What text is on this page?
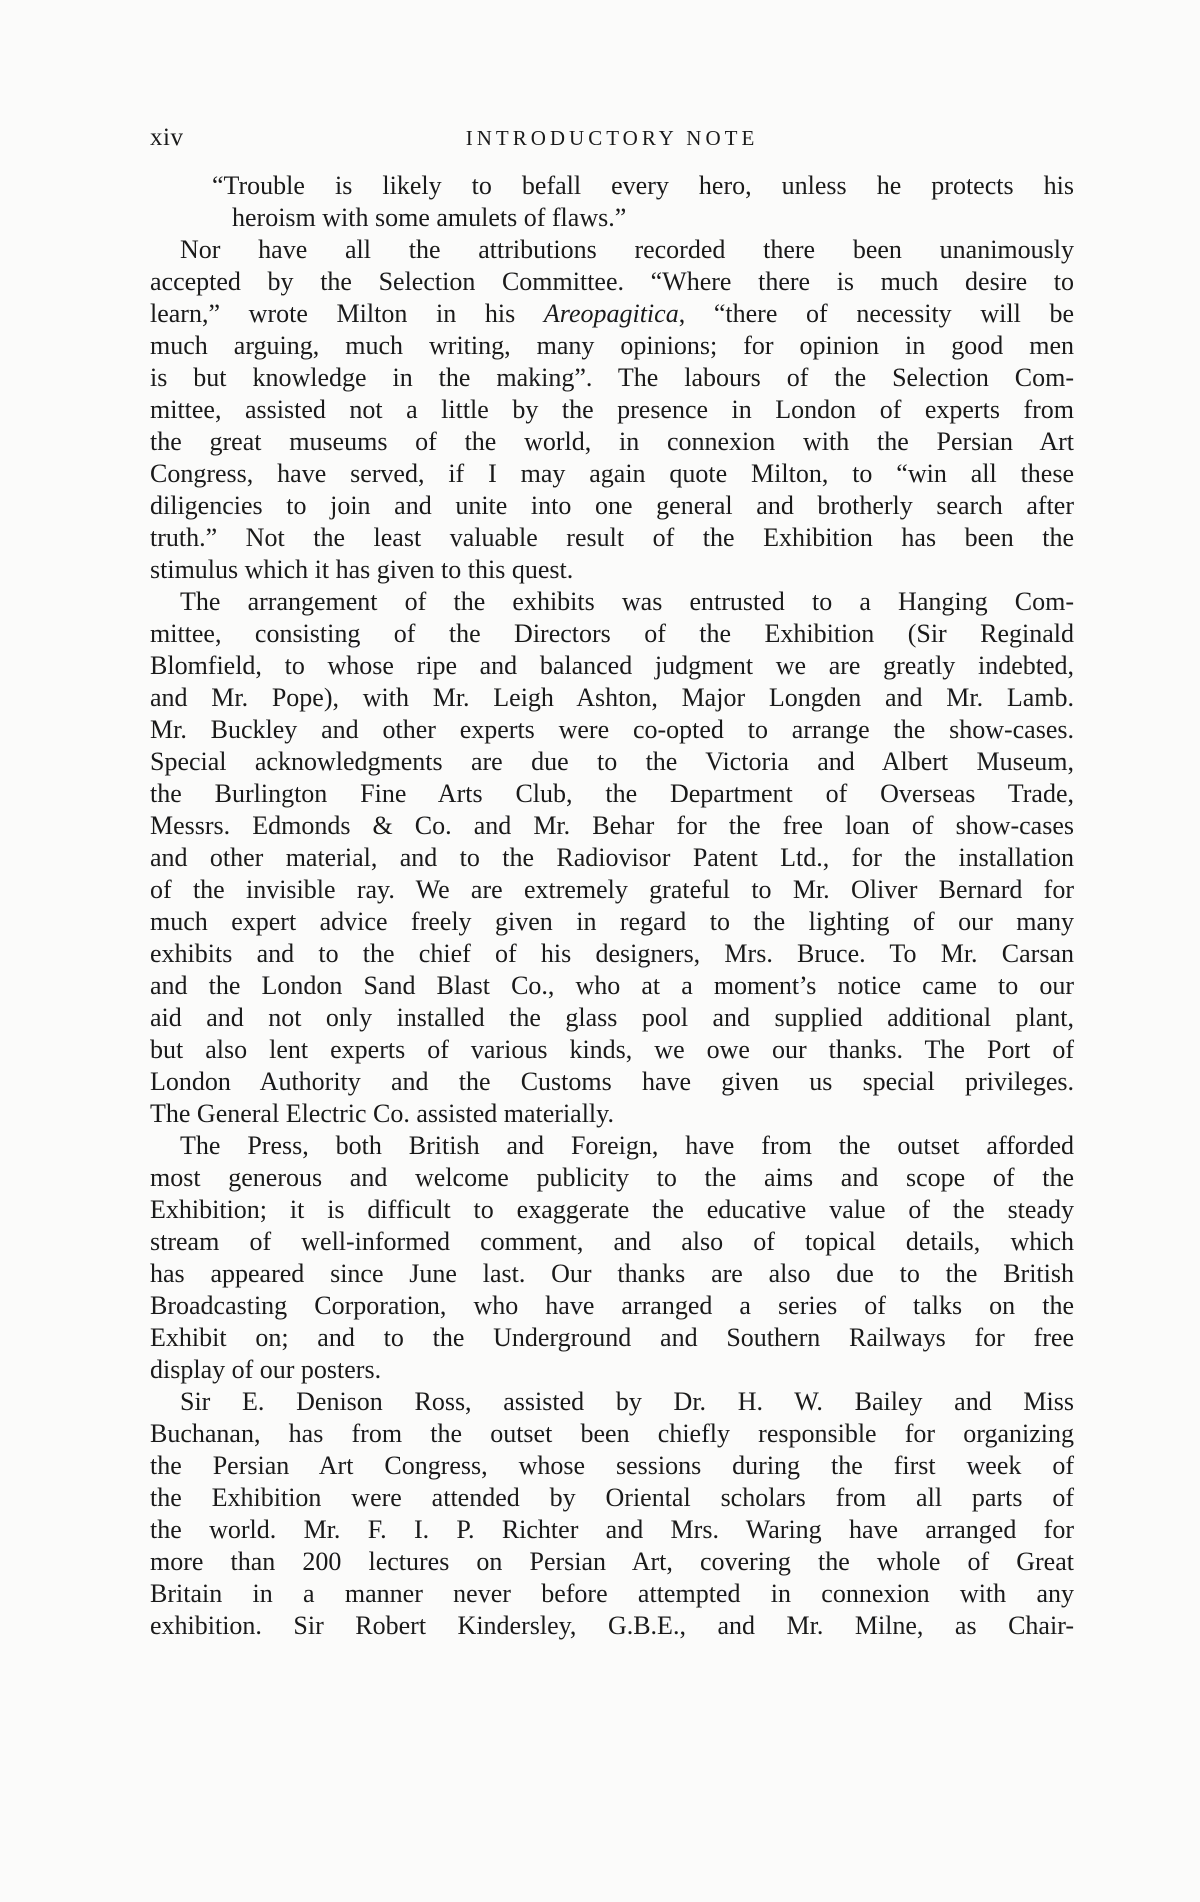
xiv	INTRODUCTORY NOTE
“Trouble is likely to befall every hero, unless he protects his
heroism with some amulets of flaws.”
Nor have all the attributions recorded there been unanimously
accepted by the Selection Committee. “Where there is much desire to
learn,” wrote Milton in his Areopagitica, “there of necessity will be
much arguing, much writing, many opinions; for opinion in good men
is but knowledge in the making”. The labours of the Selection Com-
mittee, assisted not a little by the presence in London of experts from
the great museums of the world, in connexion with the Persian Art
Congress, have served, if I may again quote Milton, to “win all these
diligencies to join and unite into one general and brotherly search after
truth.” Not the least valuable result of the Exhibition has been the
stimulus which it has given to this quest.
The arrangement of the exhibits was entrusted to a Hanging Com-
mittee, consisting of the Directors of the Exhibition (Sir Reginald
Blomfield, to whose ripe and balanced judgment we are greatly indebted,
and Mr. Pope), with Mr. Leigh Ashton, Major Longden and Mr. Lamb.
Mr. Buckley and other experts were co-opted to arrange the show-cases.
Special acknowledgments are due to the Victoria and Albert Museum,
the Burlington Fine Arts Club, the Department of Overseas Trade,
Messrs. Edmonds & Co. and Mr. Behar for the free loan of show-cases
and other material, and to the Radiovisor Patent Ltd., for the installation
of the invisible ray. We are extremely grateful to Mr. Oliver Bernard for
much expert advice freely given in regard to the lighting of our many
exhibits and to the chief of his designers, Mrs. Bruce. To Mr. Carsan
and the London Sand Blast Co., who at a moment’s notice came to our
aid and not only installed the glass pool and supplied additional plant,
but also lent experts of various kinds, we owe our thanks. The Port of
London Authority and the Customs have given us special privileges.
The General Electric Co. assisted materially.
The Press, both British and Foreign, have from the outset afforded
most generous and welcome publicity to the aims and scope of the
Exhibition; it is difficult to exaggerate the educative value of the steady
stream of well-informed comment, and also of topical details, which
has appeared since June last. Our thanks are also due to the British
Broadcasting Corporation, who have arranged a series of talks on the
Exhibit on; and to the Underground and Southern Railways for free
display of our posters.
Sir E. Denison Ross, assisted by Dr. H. W. Bailey and Miss
Buchanan, has from the outset been chiefly responsible for organizing
the Persian Art Congress, whose sessions during the first week of
the Exhibition were attended by Oriental scholars from all parts of
the world. Mr. F. I. P. Richter and Mrs. Waring have arranged for
more than 200 lectures on Persian Art, covering the whole of Great
Britain in a manner never before attempted in connexion with any
exhibition. Sir Robert Kindersley, G.B.E., and Mr. Milne, as Chair-
